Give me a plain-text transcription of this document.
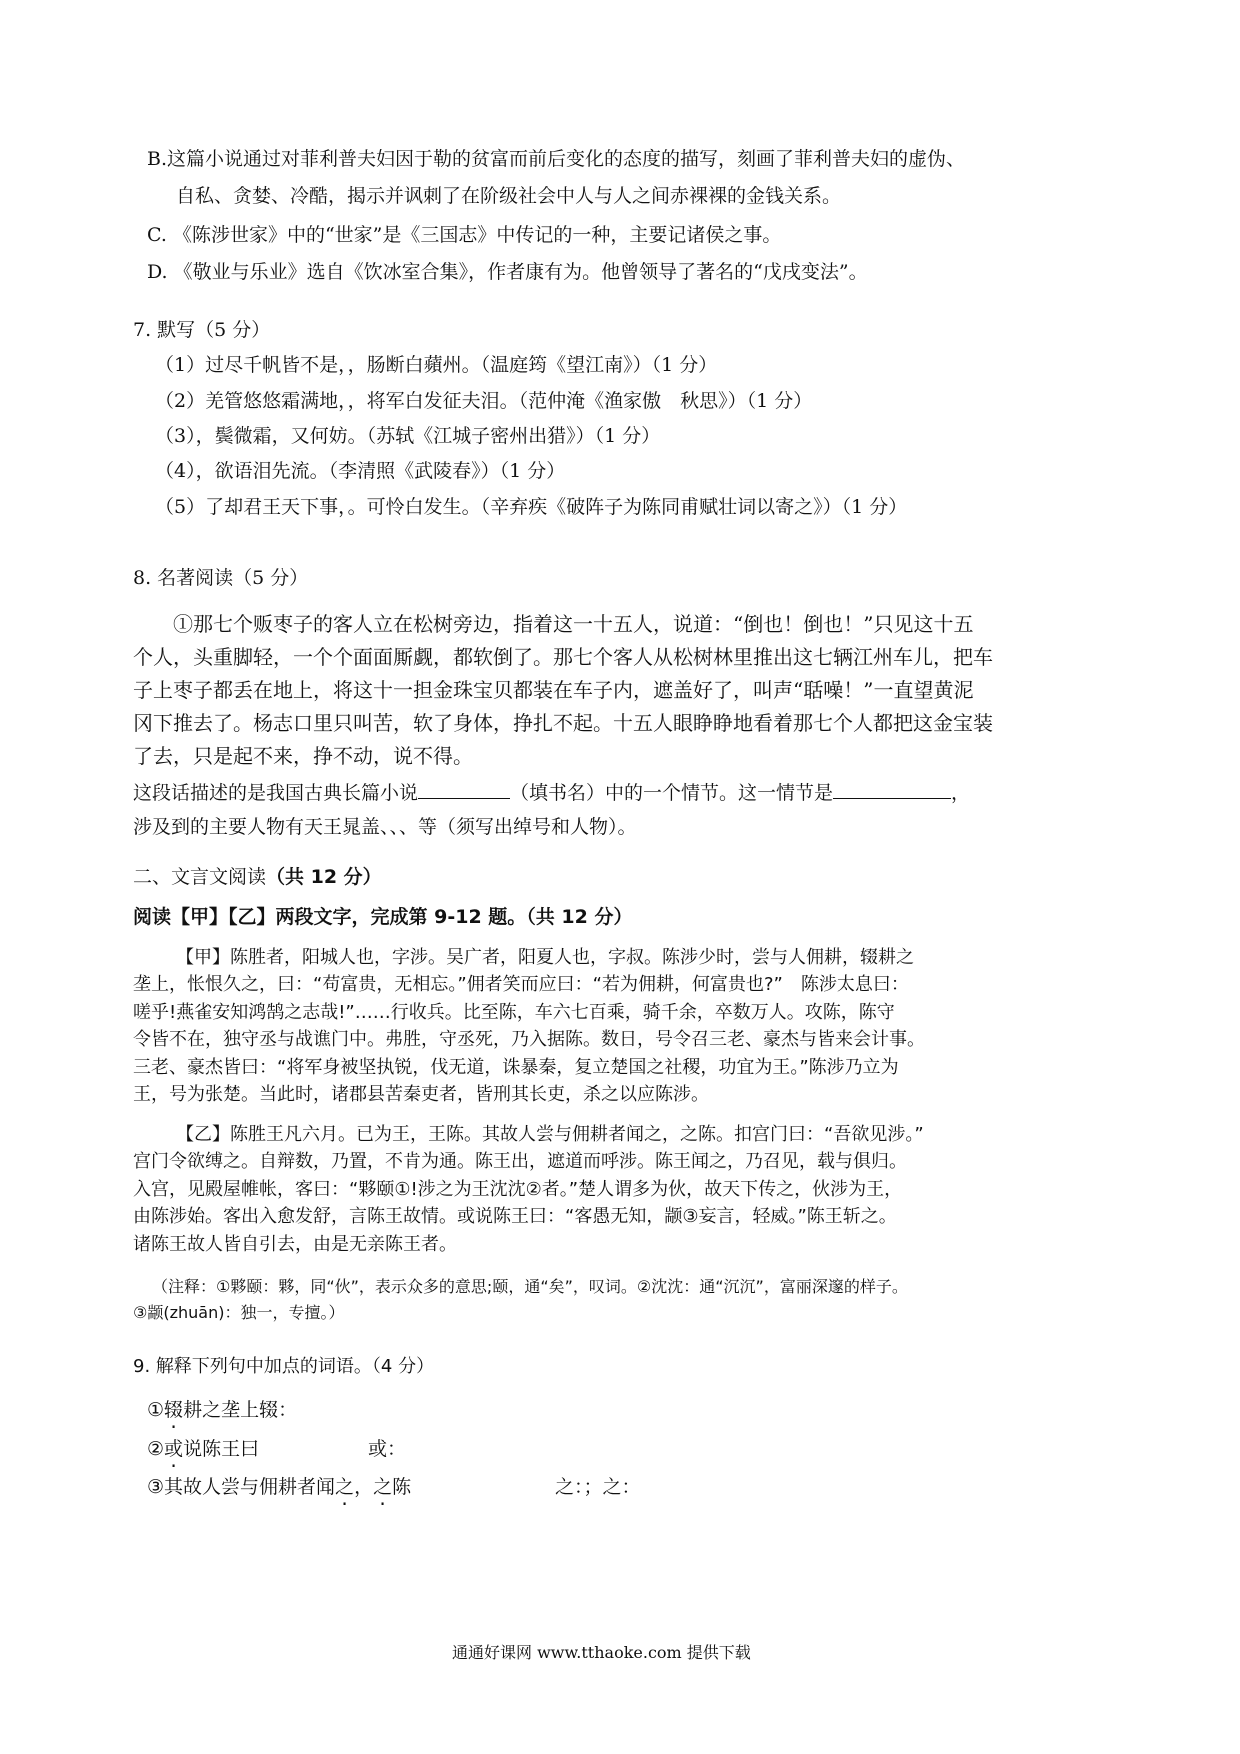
B.这篇小说通过对菲利普夫妇因于勒的贫富而前后变化的态度的描写，刻画了菲利普夫妇的虚伪、
自私、贪婪、冷酷，揭示并讽刺了在阶级社会中人与人之间赤裸裸的金钱关系。
C. 《陈涉世家》中的“世家”是《三国志》中传记的一种，主要记诸侯之事。
D. 《敬业与乐业》选自《饮冰室合集》，作者康有为。他曾领导了著名的“戊戌变法”。
7. 默写（5 分）
（1）过尽千帆皆不是，，肠断白蘋州。（温庭筠《望江南》）（1 分）
（2）羌管悠悠霜满地，，将军白发征夫泪。（范仲淹《渔家傲　秋思》）（1 分）
（3），鬓微霜，又何妨。（苏轼《江城子密州出猎》）（1 分）
（4），欲语泪先流。（李清照《武陵春》）（1 分）
（5）了却君王天下事，。可怜白发生。（辛弃疾《破阵子为陈同甫赋壮词以寄之》）（1 分）
8. 名著阅读（5 分）
①那七个贩枣子的客人立在松树旁边，指着这一十五人，说道：“倒也！倒也！”只见这十五
个人，头重脚轻，一个个面面厮觑，都软倒了。那七个客人从松树林里推出这七辆江州车儿，把车
子上枣子都丢在地上，将这十一担金珠宝贝都装在车子内，遮盖好了，叫声“聒噪！”一直望黄泥
冈下推去了。杨志口里只叫苦，软了身体，挣扎不起。十五人眼睁睁地看着那七个人都把这金宝装
了去，只是起不来，挣不动，说不得。
这段话描述的是我国古典长篇小说	（填书名）中的一个情节。这一情节是	，
涉及到的主要人物有天王晁盖、、、等（须写出绰号和人物）。
二、文言文阅读（共 12 分）
阅读【甲】【乙】两段文字，完成第 9-12 题。（共 12 分）
【甲】陈胜者，阳城人也，字涉。吴广者，阳夏人也，字叔。陈涉少时，尝与人佣耕，辍耕之
垄上，怅恨久之，曰：“苟富贵，无相忘。”佣者笑而应曰：“若为佣耕，何富贵也?”　陈涉太息曰：
嗟乎!燕雀安知鸿鹄之志哉!”……行收兵。比至陈，车六七百乘，骑千余，卒数万人。攻陈，陈守
令皆不在，独守丞与战谯门中。弗胜，守丞死，乃入据陈。数日，号令召三老、豪杰与皆来会计事。
三老、豪杰皆曰：“将军身被坚执锐，伐无道，诛暴秦，复立楚国之社稷，功宜为王。”陈涉乃立为
王，号为张楚。当此时，诸郡县苦秦吏者，皆刑其长吏，杀之以应陈涉。
【乙】陈胜王凡六月。已为王，王陈。其故人尝与佣耕者闻之，之陈。扣宫门曰：“吾欲见涉。”
宫门令欲缚之。自辩数，乃置，不肯为通。陈王出，遮道而呼涉。陈王闻之，乃召见，载与俱归。
入宫，见殿屋帷帐，客曰：“夥颐①!涉之为王沈沈②者。”楚人谓多为伙，故天下传之，伙涉为王，
由陈涉始。客出入愈发舒，言陈王故情。或说陈王曰：“客愚无知，颛③妄言，轻威。”陈王斩之。
诸陈王故人皆自引去，由是无亲陈王者。
（注释：①夥颐：夥，同“伙”，表示众多的意思;颐，通“矣”，叹词。②沈沈：通“沉沉”，富丽深邃的样子。
③颛(zhuān)：独一，专擅。）
9. 解释下列句中加点的词语。（4 分）
①辍耕之垄上辍：
②或说陈王曰	或：
③其故人尝与佣耕者闻之，之陈	之：；之：
通通好课网 www.tthaoke.com 提供下载
